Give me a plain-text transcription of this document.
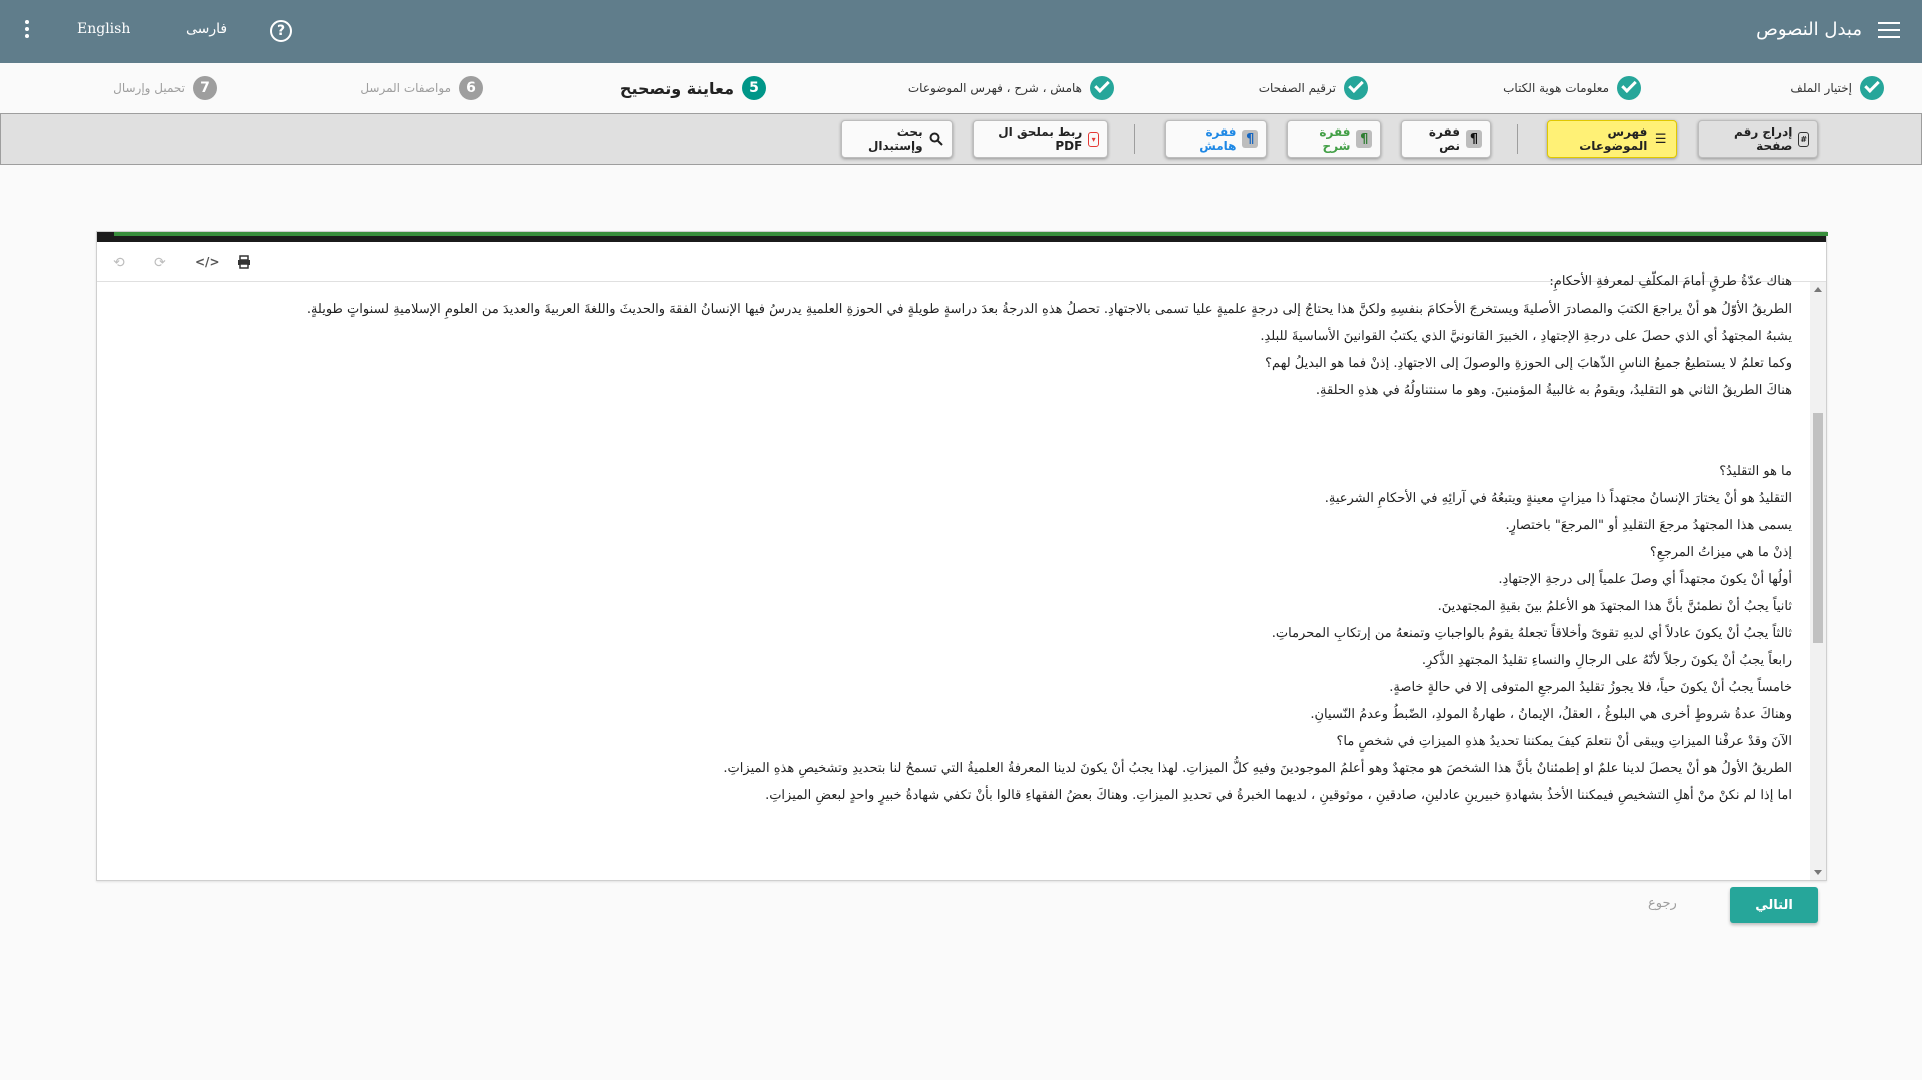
مبدل النصوص
English	فارسی	?
إختيار الملف
معلومات هوية الكتاب
ترقيم الصفحات
هامش ، شرح ، فهرس الموضوعات
5
معاينة وتصحيح
6
مواصفات المرسل
7
تحميل وإرسال
#
إدراج رقم صفحة
☰
فهرس الموضوعات
¶
فقرة نص
¶
فقرة شرح
¶
فقرة هامش
▾
ربط بملحق ال PDF
بحث وإستبدال
⟲ ⟳ </>

هناك عدّةُ طرقٍ أمامَ المكلّفِ لمعرفةِ الأحكامِ:

الطريقُ الأوّلُ هو أنْ يراجعَ الكتبَ والمصادرَ الأصليةَ ويستخرجَ الأحكامَ بنفسِهِ ولكنَّ هذا يحتاجُ إلى درجةٍ علميةٍ عليا تسمى بالاجتهادِ. تحصلُ هذهِ الدرجةُ بعدَ دراسةٍ طويلةٍ في الحوزةِ العلميةِ يدرسُ فيها الإنسانُ الفقهَ والحديثَ واللغةَ العربيةَ والعديدَ من العلومِ الإسلاميةِ لسنواتٍ طويلةٍ.

يشبهُ المجتهدُ أي الذي حصلَ على درجةِ الإجتهادِ ، الخبيرَ القانونيَّ الذي يكتبُ القوانينَ الأساسيةَ للبلدِ.

وكما تعلمُ لا يستطيعُ جميعُ الناسِ الذّهابَ إلى الحوزةِ والوصولَ إلى الاجتهادِ. إذنْ فما هو البديلُ لهم؟

هناكَ الطريقُ الثاني هو التقليدُ، ويقومُ به غالبيةُ المؤمنينَ. وهو ما سنتناولُهُ في هذهِ الحلقةِ.

ما هو التقليدُ؟

التقليدُ هو أنْ يختارَ الإنسانُ مجتهداً ذا ميزاتٍ معينةٍ ويتبعُهُ في آرائِهِ في الأحكامِ الشرعيةِ.

يسمى هذا المجتهدُ مرجعَ التقليدِ أو "المرجعَ" باختصارٍ.

إذنْ ما هي ميزاتُ المرجعِ؟

أولُها أنْ يكونَ مجتهداً أي وصلَ علمياً إلى درجةِ الإجتهادِ.

ثانياً يجبُ أنْ نطمئنَّ بأنَّ هذا المجتهدَ هو الأعلمُ بينَ بقيةِ المجتهدينَ.

ثالثاً يجبُ أنْ يكونَ عادلاً أي لديهِ تقوىً وأخلاقاً تجعلهُ يقومُ بالواجباتِ وتمنعهُ من إرتكابِ المحرماتِ.

رابعاً يجبُ أنْ يكونَ رجلاً لأنّهُ على الرجالِ والنساءِ تقليدُ المجتهدِ الذَّكرِ.

خامساً يجبُ أنْ يكونَ حياً، فلا يجوزُ تقليدُ المرجعِ المتوفى إلا في حالةٍ خاصةٍ.

وهناكَ عدةُ شروطٍ أخرى هي البلوغُ ، العقلُ، الإيمانُ ، طهارةُ المولدِ، الضّبطُ وعدمُ النّسيانِ.

الآنَ وقدْ عرفْنا الميزاتِ ويبقى أنْ نتعلمَ كيفَ يمكننا تحديدُ هذهِ الميزاتِ في شخصٍ ما؟

الطريقُ الأولُ هو أنْ يحصلَ لدينا علمٌ او إطمئنانٌ بأنَّ هذا الشخصَ هو مجتهدٌ وهو أعلمُ الموجودينَ وفيهِ كلُّ الميزاتِ. لهذا يجبُ أنْ يكونَ لدينا المعرفةُ العلميةُ التي تسمحُ لنا بتحديدِ وتشخيصِ هذهِ الميزاتِ.

اما إذا لم نكنْ منْ أهلِ التشخيصِ فيمكننا الأخذُ بشهادةِ خبيرينِ عادلينِ، صادقينِ ، موثوقينِ ، لديهما الخبرةُ في تحديدِ الميزاتِ. وهناكَ بعضُ الفقهاءِ قالوا بأنْ تكفي شهادةُ خبيرٍ واحدٍ لبعضِ الميزاتِ.

التالي
رجوع
